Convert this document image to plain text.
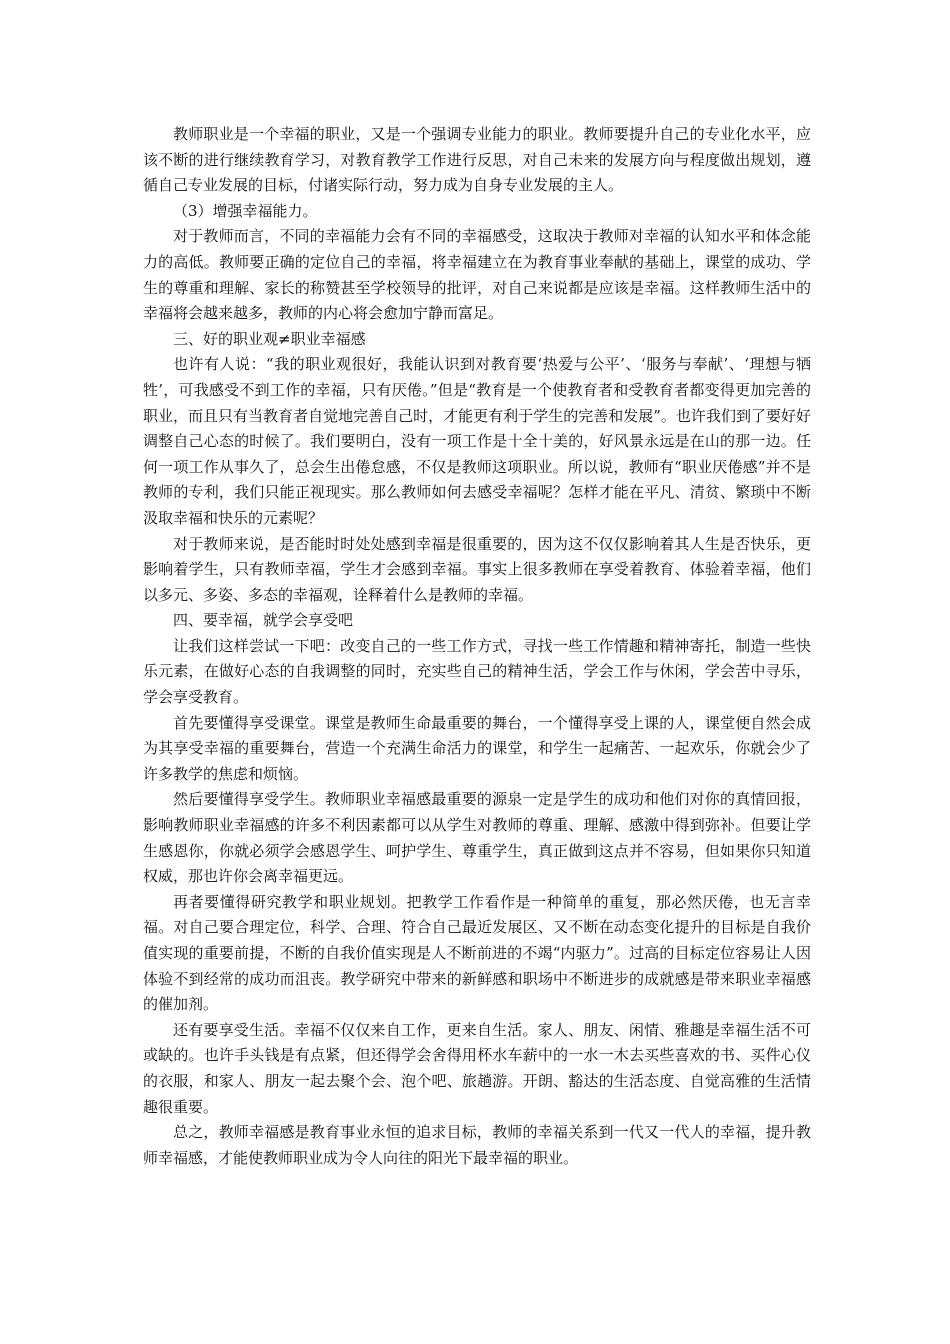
教师职业是一个幸福的职业，又是一个强调专业能力的职业。教师要提升自己的专业化水平，应该不断的进行继续教育学习，对教育教学工作进行反思，对自己未来的发展方向与程度做出规划，遵循自己专业发展的目标，付诸实际行动，努力成为自身专业发展的主人。

（3）增强幸福能力。

对于教师而言，不同的幸福能力会有不同的幸福感受，这取决于教师对幸福的认知水平和体念能力的高低。教师要正确的定位自己的幸福，将幸福建立在为教育事业奉献的基础上，课堂的成功、学生的尊重和理解、家长的称赞甚至学校领导的批评，对自己来说都是应该是幸福。这样教师生活中的幸福将会越来越多，教师的内心将会愈加宁静而富足。

三、好的职业观≠职业幸福感

也许有人说：“我的职业观很好，我能认识到对教育要‘热爱与公平’、‘服务与奉献’、‘理想与牺牲’，可我感受不到工作的幸福，只有厌倦。”但是“教育是一个使教育者和受教育者都变得更加完善的职业，而且只有当教育者自觉地完善自己时，才能更有利于学生的完善和发展”。也许我们到了要好好调整自己心态的时候了。我们要明白，没有一项工作是十全十美的，好风景永远是在山的那一边。任何一项工作从事久了，总会生出倦怠感，不仅是教师这项职业。所以说，教师有“职业厌倦感”并不是教师的专利，我们只能正视现实。那么教师如何去感受幸福呢？怎样才能在平凡、清贫、繁琐中不断汲取幸福和快乐的元素呢？

对于教师来说，是否能时时处处感到幸福是很重要的，因为这不仅仅影响着其人生是否快乐，更影响着学生，只有教师幸福，学生才会感到幸福。事实上很多教师在享受着教育、体验着幸福，他们以多元、多姿、多态的幸福观，诠释着什么是教师的幸福。

四、要幸福，就学会享受吧

让我们这样尝试一下吧：改变自己的一些工作方式，寻找一些工作情趣和精神寄托，制造一些快乐元素，在做好心态的自我调整的同时，充实些自己的精神生活，学会工作与休闲，学会苦中寻乐，学会享受教育。

首先要懂得享受课堂。课堂是教师生命最重要的舞台，一个懂得享受上课的人，课堂便自然会成为其享受幸福的重要舞台，营造一个充满生命活力的课堂，和学生一起痛苦、一起欢乐，你就会少了许多教学的焦虑和烦恼。

然后要懂得享受学生。教师职业幸福感最重要的源泉一定是学生的成功和他们对你的真情回报，影响教师职业幸福感的许多不利因素都可以从学生对教师的尊重、理解、感激中得到弥补。但要让学生感恩你，你就必须学会感恩学生、呵护学生、尊重学生，真正做到这点并不容易，但如果你只知道权威，那也许你会离幸福更远。

再者要懂得研究教学和职业规划。把教学工作看作是一种简单的重复，那必然厌倦，也无言幸福。对自己要合理定位，科学、合理、符合自己最近发展区、又不断在动态变化提升的目标是自我价值实现的重要前提，不断的自我价值实现是人不断前进的不竭“内驱力”。过高的目标定位容易让人因体验不到经常的成功而沮丧。教学研究中带来的新鲜感和职场中不断进步的成就感是带来职业幸福感的催加剂。

还有要享受生活。幸福不仅仅来自工作，更来自生活。家人、朋友、闲情、雅趣是幸福生活不可或缺的。也许手头钱是有点紧，但还得学会舍得用杯水车薪中的一水一木去买些喜欢的书、买件心仪的衣服，和家人、朋友一起去聚个会、泡个吧、旅趟游。开朗、豁达的生活态度、自觉高雅的生活情趣很重要。

总之，教师幸福感是教育事业永恒的追求目标，教师的幸福关系到一代又一代人的幸福，提升教师幸福感，才能使教师职业成为令人向往的阳光下最幸福的职业。
